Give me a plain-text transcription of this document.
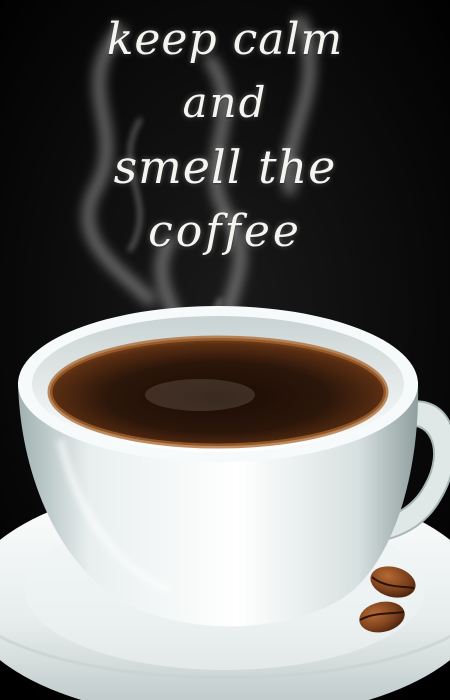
keep calm

and

smell the

coffee
